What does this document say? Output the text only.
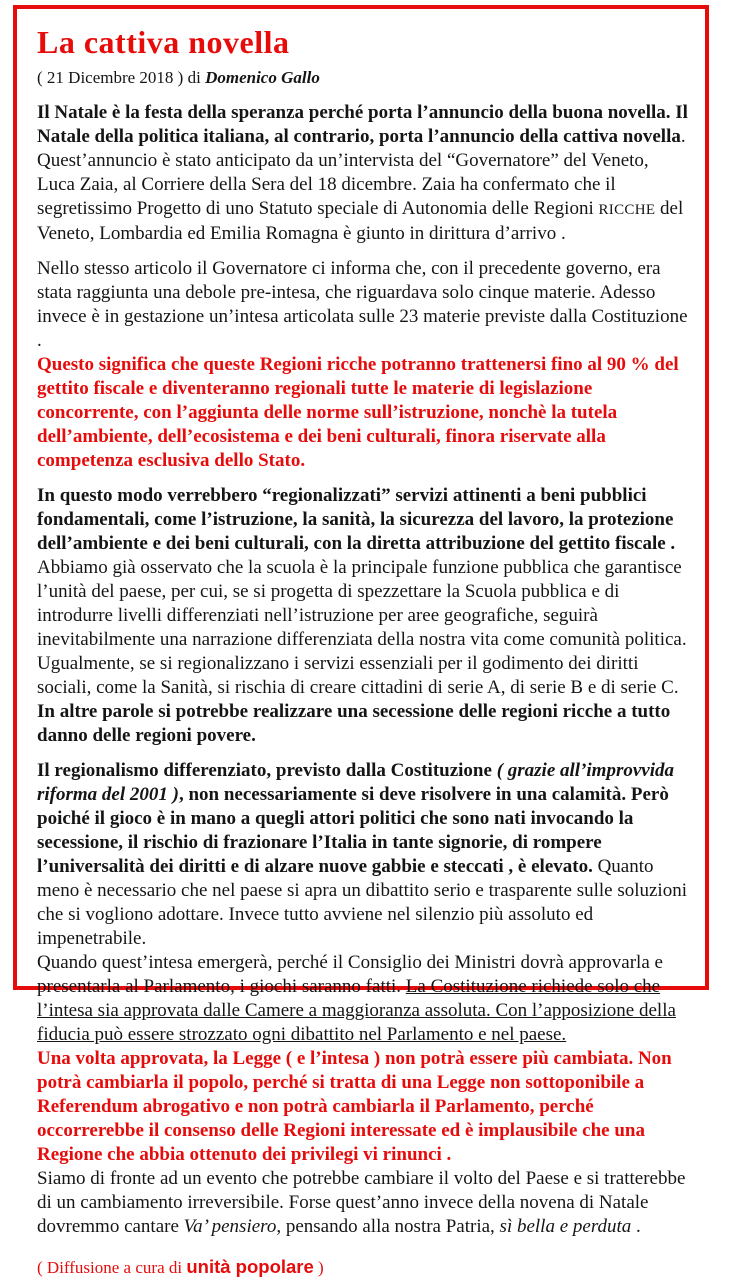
La cattiva novella
( 21 Dicembre 2018 ) di Domenico Gallo

Il Natale è la festa della speranza perché porta l’annuncio della buona novella. Il Natale della politica italiana, al contrario, porta l’annuncio della cattiva novella. Quest’annuncio è stato anticipato da un’intervista del “Governatore” del Veneto, Luca Zaia, al Corriere della Sera del 18 dicembre. Zaia ha confermato che il segretissimo Progetto di uno Statuto speciale di Autonomia delle Regioni RICCHE del Veneto, Lombardia ed Emilia Romagna è giunto in dirittura d’arrivo .

Nello stesso articolo il Governatore ci informa che, con il precedente governo, era stata raggiunta una debole pre-intesa, che riguardava solo cinque materie. Adesso invece è in gestazione un’intesa articolata sulle 23 materie previste dalla Costituzione .
Questo significa che queste Regioni ricche potranno trattenersi fino al 90 % del gettito fiscale e diventeranno regionali tutte le materie di legislazione concorrente, con l’aggiunta delle norme sull’istruzione, nonchè la tutela dell’ambiente, dell’ecosistema e dei beni culturali, finora riservate alla competenza esclusiva dello Stato.

In questo modo verrebbero “regionalizzati” servizi attinenti a beni pubblici fondamentali, come l’istruzione, la sanità, la sicurezza del lavoro, la protezione dell’ambiente e dei beni culturali, con la diretta attribuzione del gettito fiscale .
Abbiamo già osservato che la scuola è la principale funzione pubblica che garantisce l’unità del paese, per cui, se si progetta di spezzettare la Scuola pubblica e di introdurre livelli differenziati nell’istruzione per aree geografiche, seguirà inevitabilmente una narrazione differenziata della nostra vita come comunità politica. Ugualmente, se si regionalizzano i servizi essenziali per il godimento dei diritti sociali, come la Sanità, si rischia di creare cittadini di serie A, di serie B e di serie C. In altre parole si potrebbe realizzare una secessione delle regioni ricche a tutto danno delle regioni povere.

Il regionalismo differenziato, previsto dalla Costituzione ( grazie all’improvvida riforma del 2001 ), non necessariamente si deve risolvere in una calamità. Però poiché il gioco è in mano a quegli attori politici che sono nati invocando la secessione, il rischio di frazionare l’Italia in tante signorie, di rompere l’universalità dei diritti e di alzare nuove gabbie e steccati , è elevato. Quanto meno è necessario che nel paese si apra un dibattito serio e trasparente sulle soluzioni che si vogliono adottare. Invece tutto avviene nel silenzio più assoluto ed impenetrabile.
Quando quest’intesa emergerà, perché il Consiglio dei Ministri dovrà approvarla e presentarla al Parlamento, i giochi saranno fatti. La Costituzione richiede solo che l’intesa sia approvata dalle Camere a maggioranza assoluta. Con l’apposizione della fiducia può essere strozzato ogni dibattito nel Parlamento e nel paese.

Una volta approvata, la Legge ( e l’intesa ) non potrà essere più cambiata. Non potrà cambiarla il popolo, perché si tratta di una Legge non sottoponibile a Referendum abrogativo e non potrà cambiarla il Parlamento, perché occorrerebbe il consenso delle Regioni interessate ed è implausibile che una Regione che abbia ottenuto dei privilegi vi rinunci .

Siamo di fronte ad un evento che potrebbe cambiare il volto del Paese e si tratterebbe di un cambiamento irreversibile. Forse quest’anno invece della novena di Natale dovremmo cantare Va’ pensiero, pensando alla nostra Patria, sì bella e perduta .

( Diffusione a cura di unità popolare )
